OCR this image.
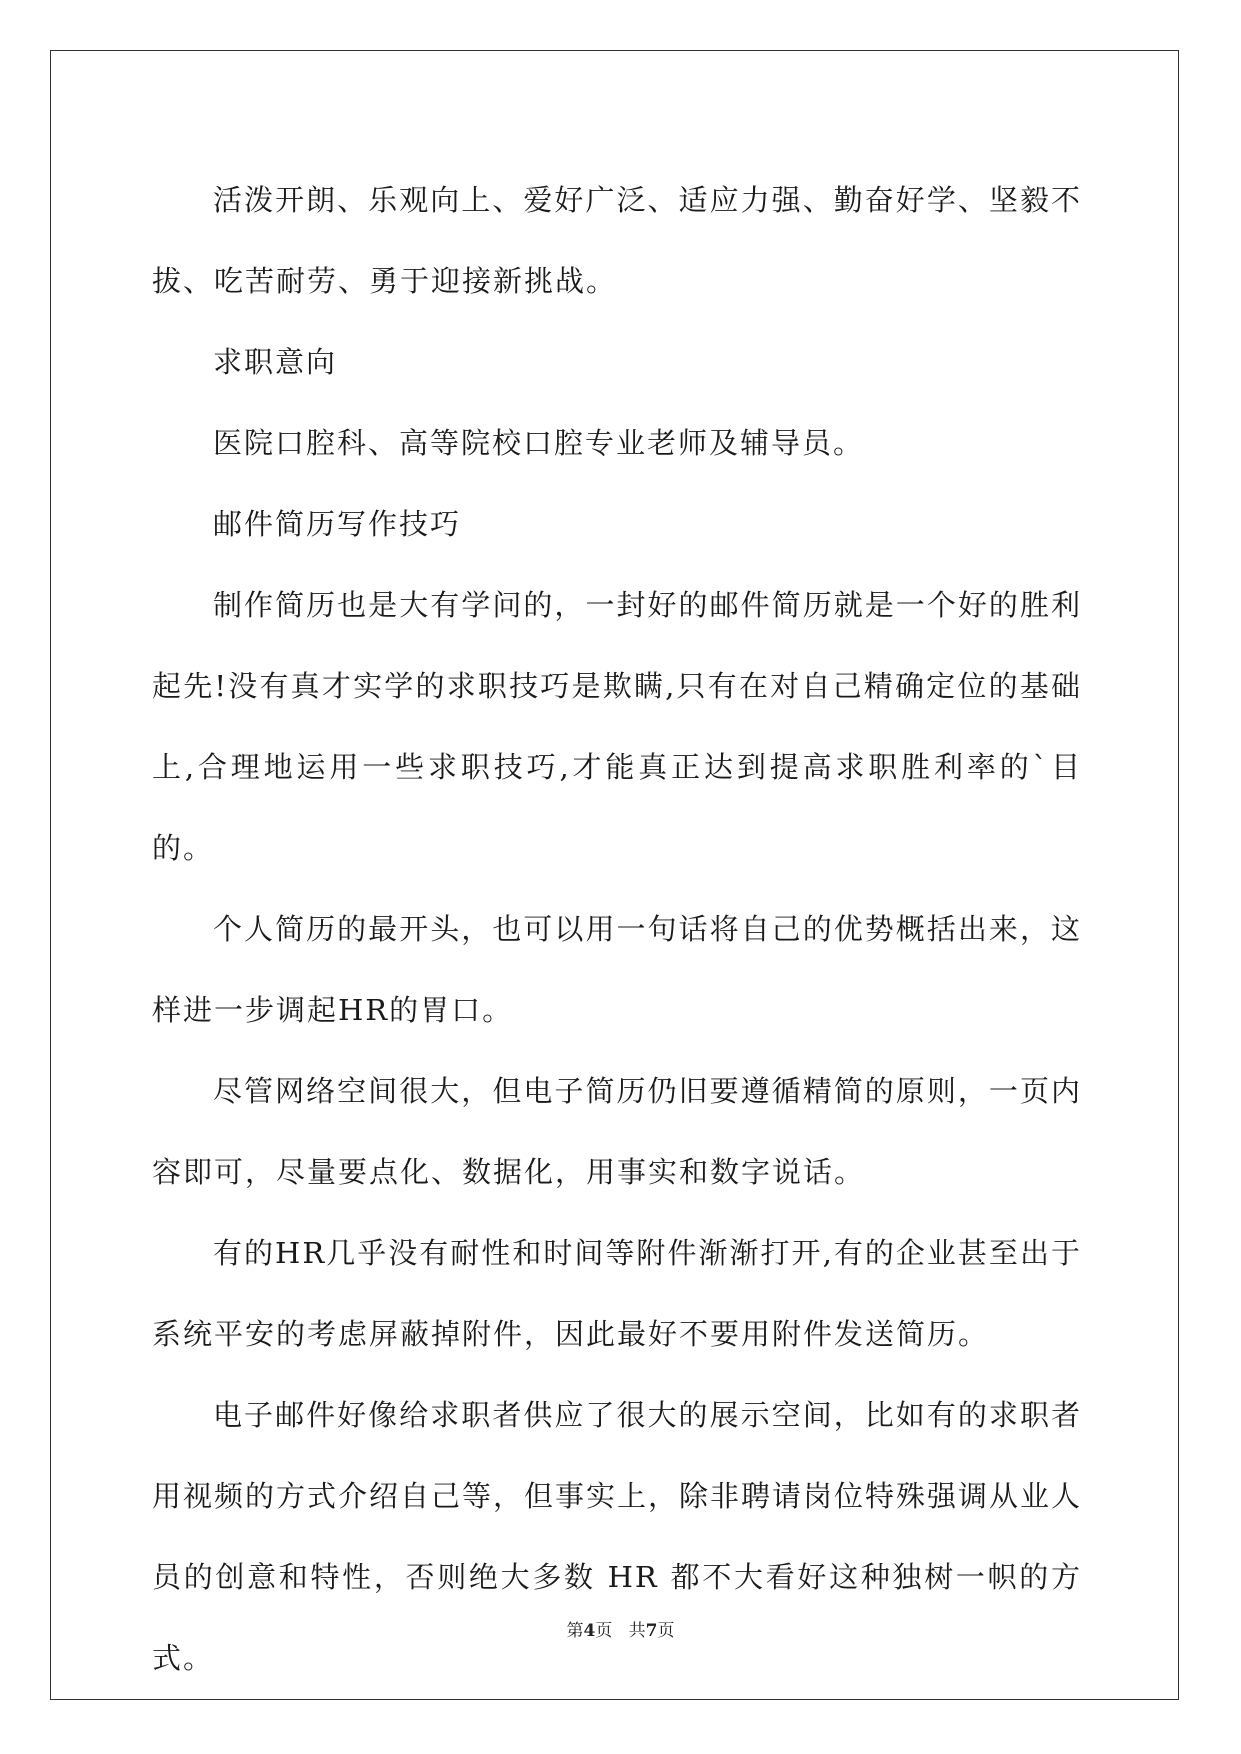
活泼开朗、乐观向上、爱好广泛、适应力强、勤奋好学、坚毅不拔、吃苦耐劳、勇于迎接新挑战。

求职意向

医院口腔科、高等院校口腔专业老师及辅导员。

邮件简历写作技巧

制作简历也是大有学问的，一封好的邮件简历就是一个好的胜利起先!没有真才实学的求职技巧是欺瞒,只有在对自己精确定位的基础上,合理地运用一些求职技巧,才能真正达到提高求职胜利率的`目的。

个人简历的最开头，也可以用一句话将自己的优势概括出来，这样进一步调起HR的胃口。

尽管网络空间很大，但电子简历仍旧要遵循精简的原则，一页内容即可，尽量要点化、数据化，用事实和数字说话。

有的HR几乎没有耐性和时间等附件渐渐打开,有的企业甚至出于系统平安的考虑屏蔽掉附件，因此最好不要用附件发送简历。

电子邮件好像给求职者供应了很大的展示空间，比如有的求职者用视频的方式介绍自己等，但事实上，除非聘请岗位特殊强调从业人员的创意和特性，否则绝大多数 HR 都不大看好这种独树一帜的方式。

第4页 共7页
